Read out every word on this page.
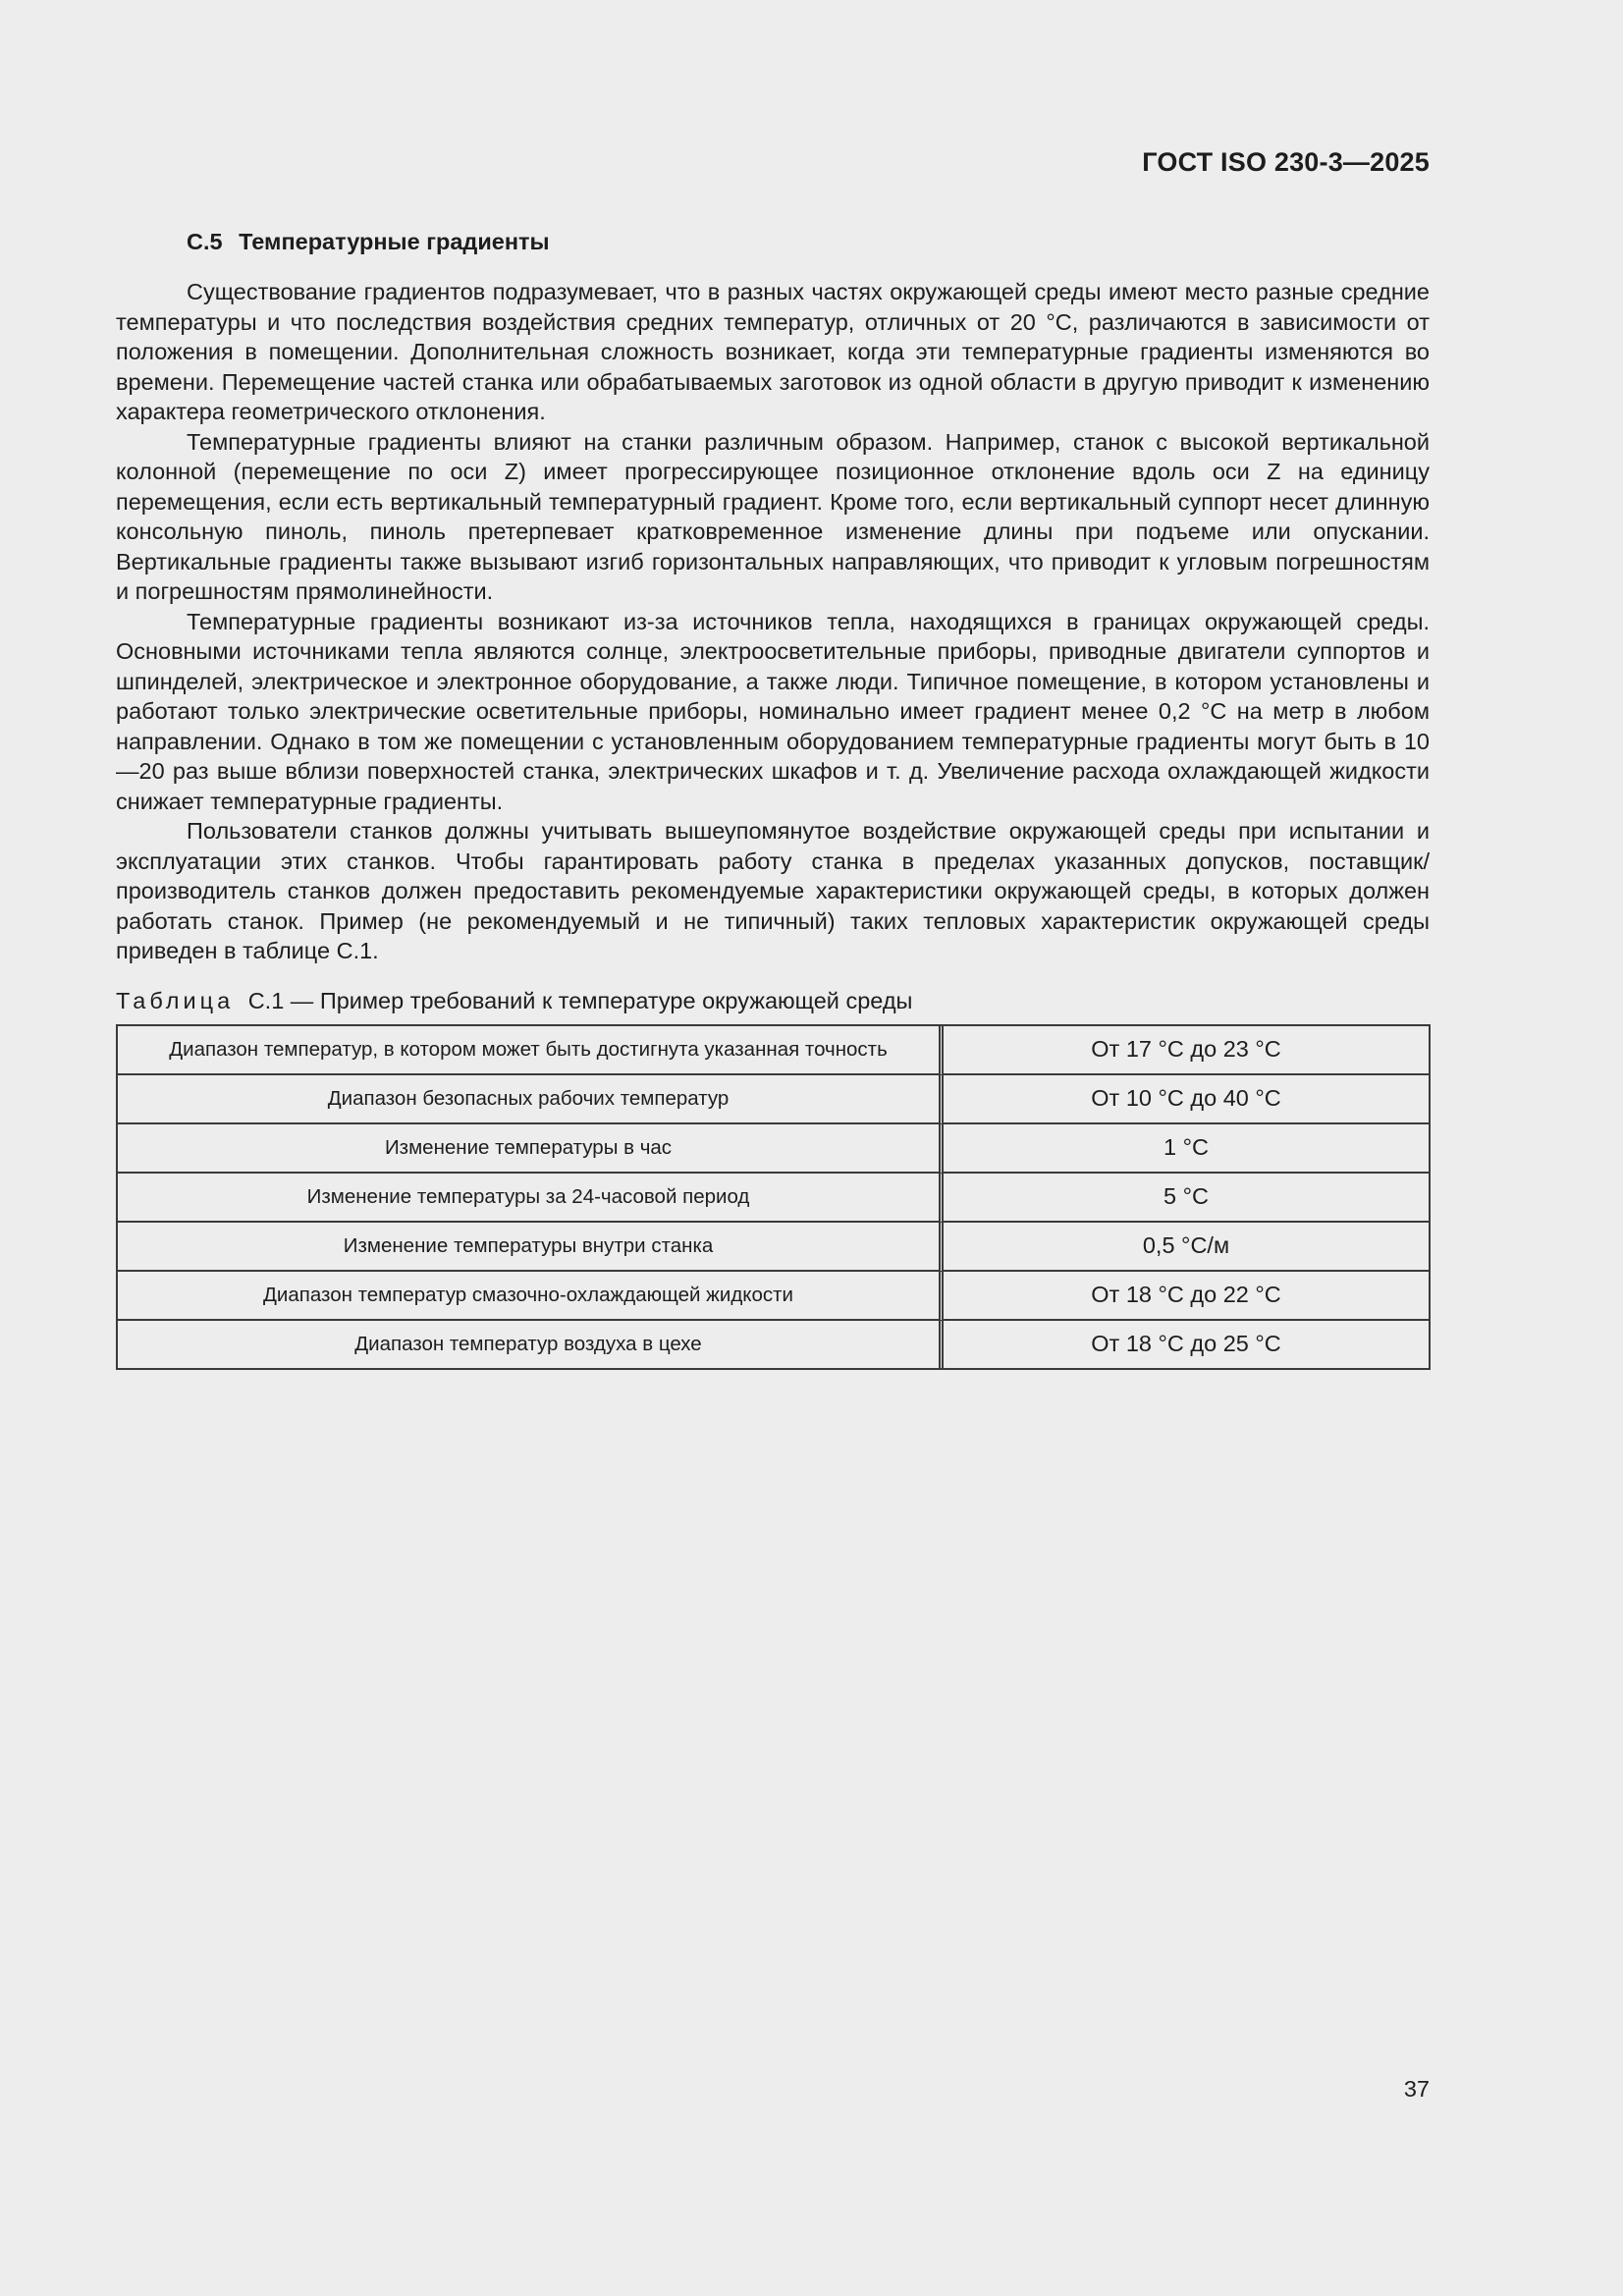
ГОСТ ISO 230-3—2025
C.5 Температурные градиенты

Существование градиентов подразумевает, что в разных частях окружающей среды имеют место разные средние температуры и что последствия воздействия средних температур, отличных от 20 °C, различаются в зависимости от положения в помещении. Дополнительная сложность возникает, когда эти температурные градиенты изменяются во времени. Перемещение частей станка или обрабатываемых заготовок из одной области в другую приводит к изменению характера геометрического отклонения.

Температурные градиенты влияют на станки различным образом. Например, станок с высокой вертикальной колонной (перемещение по оси Z) имеет прогрессирующее позиционное отклонение вдоль оси Z на единицу перемещения, если есть вертикальный температурный градиент. Кроме того, если вертикальный суппорт несет длинную консольную пиноль, пиноль претерпевает кратковременное изменение длины при подъеме или опускании. Вертикальные градиенты также вызывают изгиб горизонтальных направляющих, что приводит к угловым погрешностям и погрешностям прямолинейности.

Температурные градиенты возникают из-за источников тепла, находящихся в границах окружающей среды. Основными источниками тепла являются солнце, электроосветительные приборы, приводные двигатели суппортов и шпинделей, электрическое и электронное оборудование, а также люди. Типичное помещение, в котором установлены и работают только электрические осветительные приборы, номинально имеет градиент менее 0,2 °C на метр в любом направлении. Однако в том же помещении с установленным оборудованием температурные градиенты могут быть в 10—20 раз выше вблизи поверхностей станка, электрических шкафов и т. д. Увеличение расхода охлаждающей жидкости снижает температурные градиенты.

Пользователи станков должны учитывать вышеупомянутое воздействие окружающей среды при испытании и эксплуатации этих станков. Чтобы гарантировать работу станка в пределах указанных допусков, поставщик/производитель станков должен предоставить рекомендуемые характеристики окружающей среды, в которых должен работать станок. Пример (не рекомендуемый и не типичный) таких тепловых характеристик окружающей среды приведен в таблице C.1.

Таблица C.1 — Пример требований к температуре окружающей среды
Диапазон температур, в котором может быть достигнута указанная точность	От 17 °C до 23 °C
Диапазон безопасных рабочих температур	От 10 °C до 40 °C
Изменение температуры в час	1 °C
Изменение температуры за 24-часовой период	5 °C
Изменение температуры внутри станка	0,5 °C/м
Диапазон температур смазочно-охлаждающей жидкости	От 18 °C до 22 °C
Диапазон температур воздуха в цехе	От 18 °C до 25 °C
37
